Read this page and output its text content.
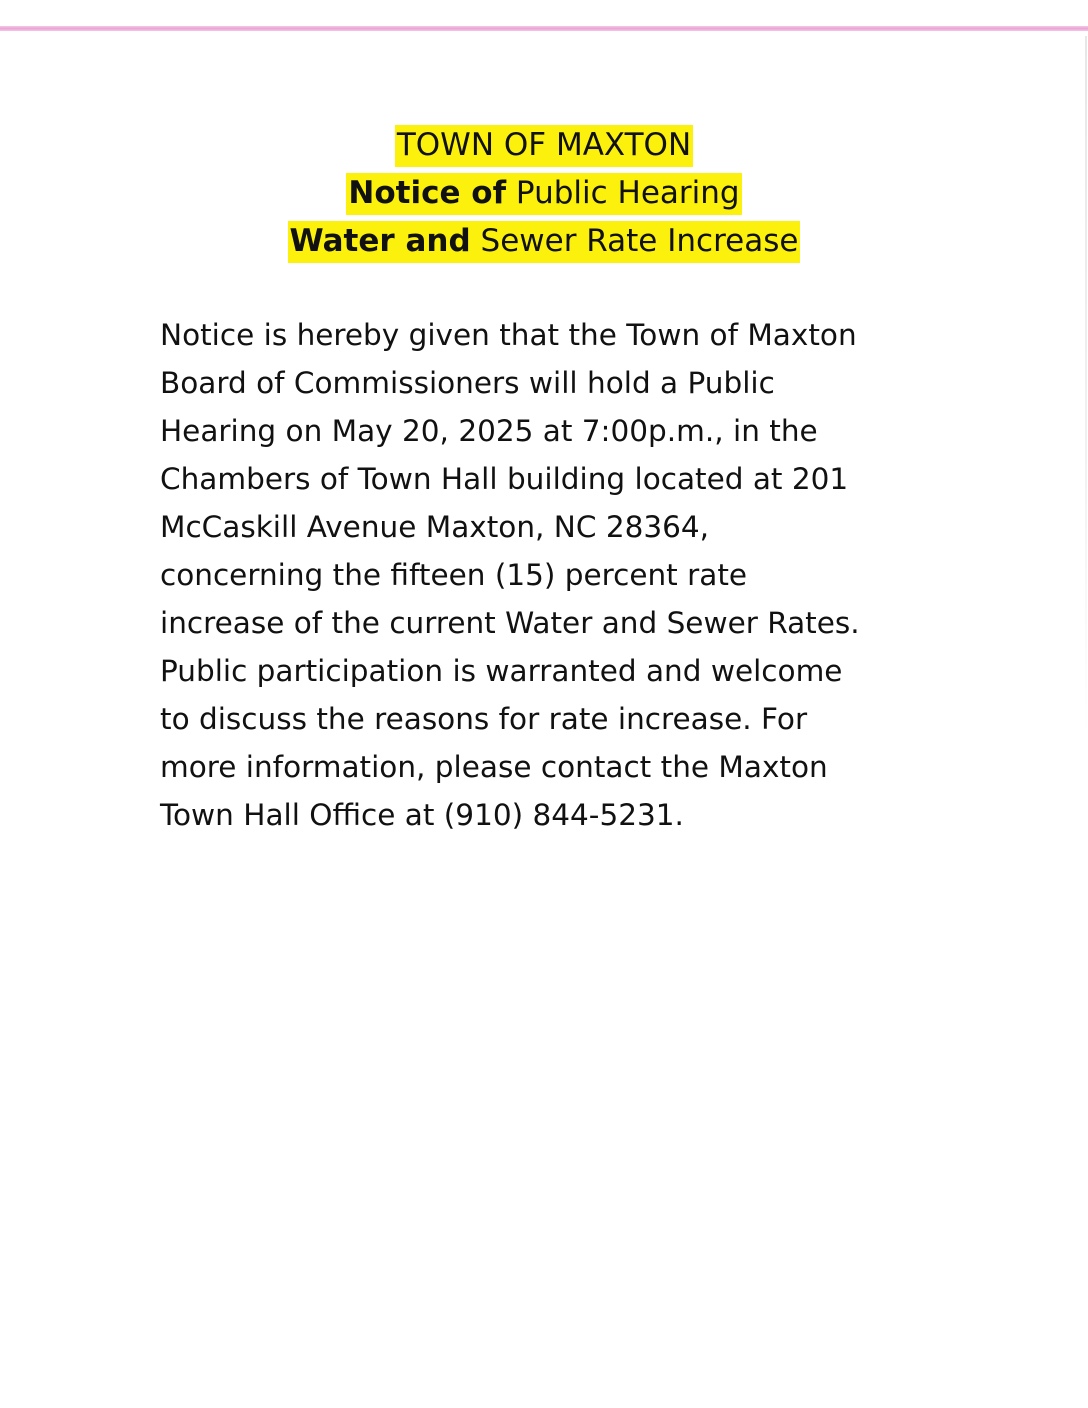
TOWN OF MAXTON
Notice of Public Hearing
Water and Sewer Rate Increase
Notice is hereby given that the Town of Maxton
Board of Commissioners will hold a Public
Hearing on May 20, 2025 at 7:00p.m., in the
Chambers of Town Hall building located at 201
McCaskill Avenue Maxton, NC 28364,
concerning the fifteen (15) percent rate
increase of the current Water and Sewer Rates.
Public participation is warranted and welcome
to discuss the reasons for rate increase. For
more information, please contact the Maxton
Town Hall Office at (910) 844-5231.
